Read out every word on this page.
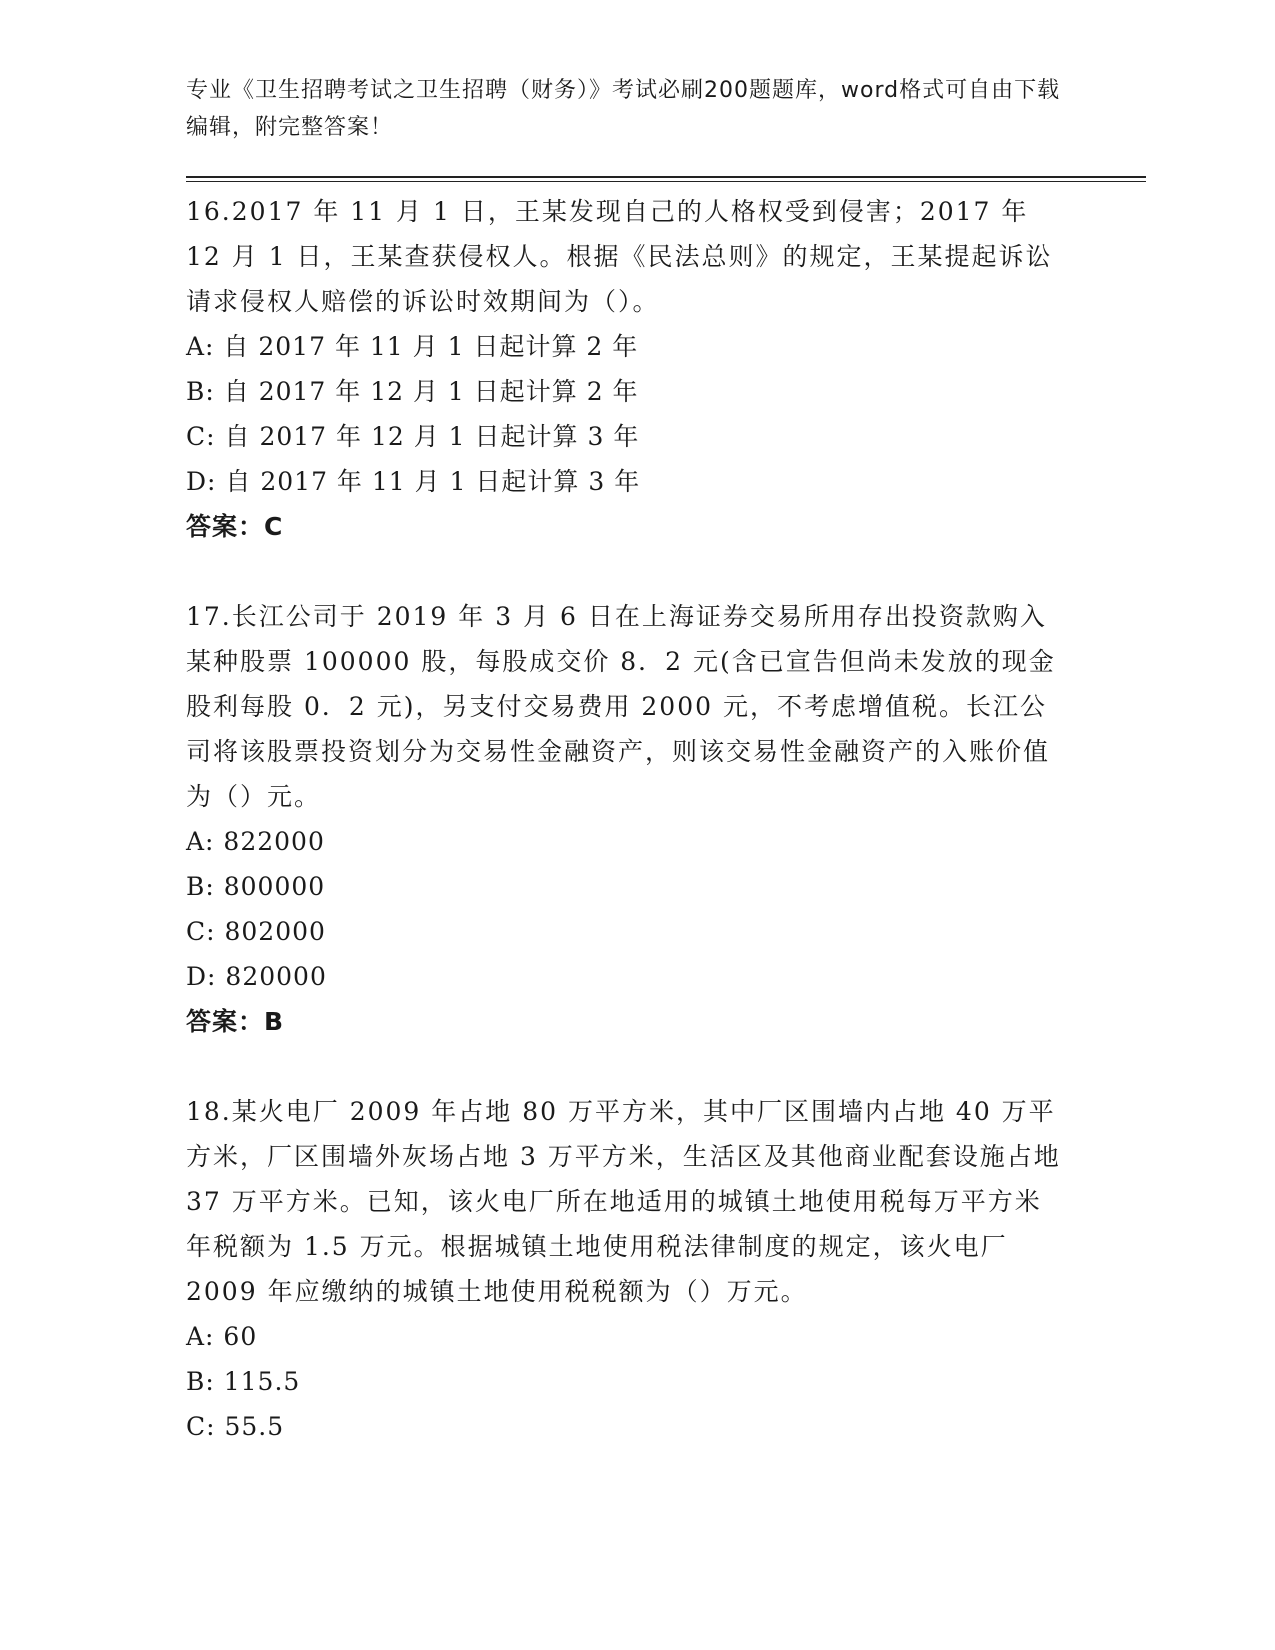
专业《卫生招聘考试之卫生招聘（财务）》考试必刷200题题库，word格式可自由下载编辑，附完整答案！
16.2017 年 11 月 1 日，王某发现自己的人格权受到侵害；2017 年 12 月 1 日，王某查获侵权人。根据《民法总则》的规定，王某提起诉讼请求侵权人赔偿的诉讼时效期间为（）。
A: 自 2017 年 11 月 1 日起计算 2 年
B: 自 2017 年 12 月 1 日起计算 2 年
C: 自 2017 年 12 月 1 日起计算 3 年
D: 自 2017 年 11 月 1 日起计算 3 年
答案：C
17.长江公司于 2019 年 3 月 6 日在上海证券交易所用存出投资款购入某种股票 100000 股，每股成交价 8．2 元(含已宣告但尚未发放的现金股利每股 0．2 元)，另支付交易费用 2000 元，不考虑增值税。长江公司将该股票投资划分为交易性金融资产，则该交易性金融资产的入账价值为（）元。
A: 822000
B: 800000
C: 802000
D: 820000
答案：B
18.某火电厂 2009 年占地 80 万平方米，其中厂区围墙内占地 40 万平方米，厂区围墙外灰场占地 3 万平方米，生活区及其他商业配套设施占地 37 万平方米。已知，该火电厂所在地适用的城镇土地使用税每万平方米年税额为 1.5 万元。根据城镇土地使用税法律制度的规定，该火电厂 2009 年应缴纳的城镇土地使用税税额为（）万元。
A: 60
B: 115.5
C: 55.5
